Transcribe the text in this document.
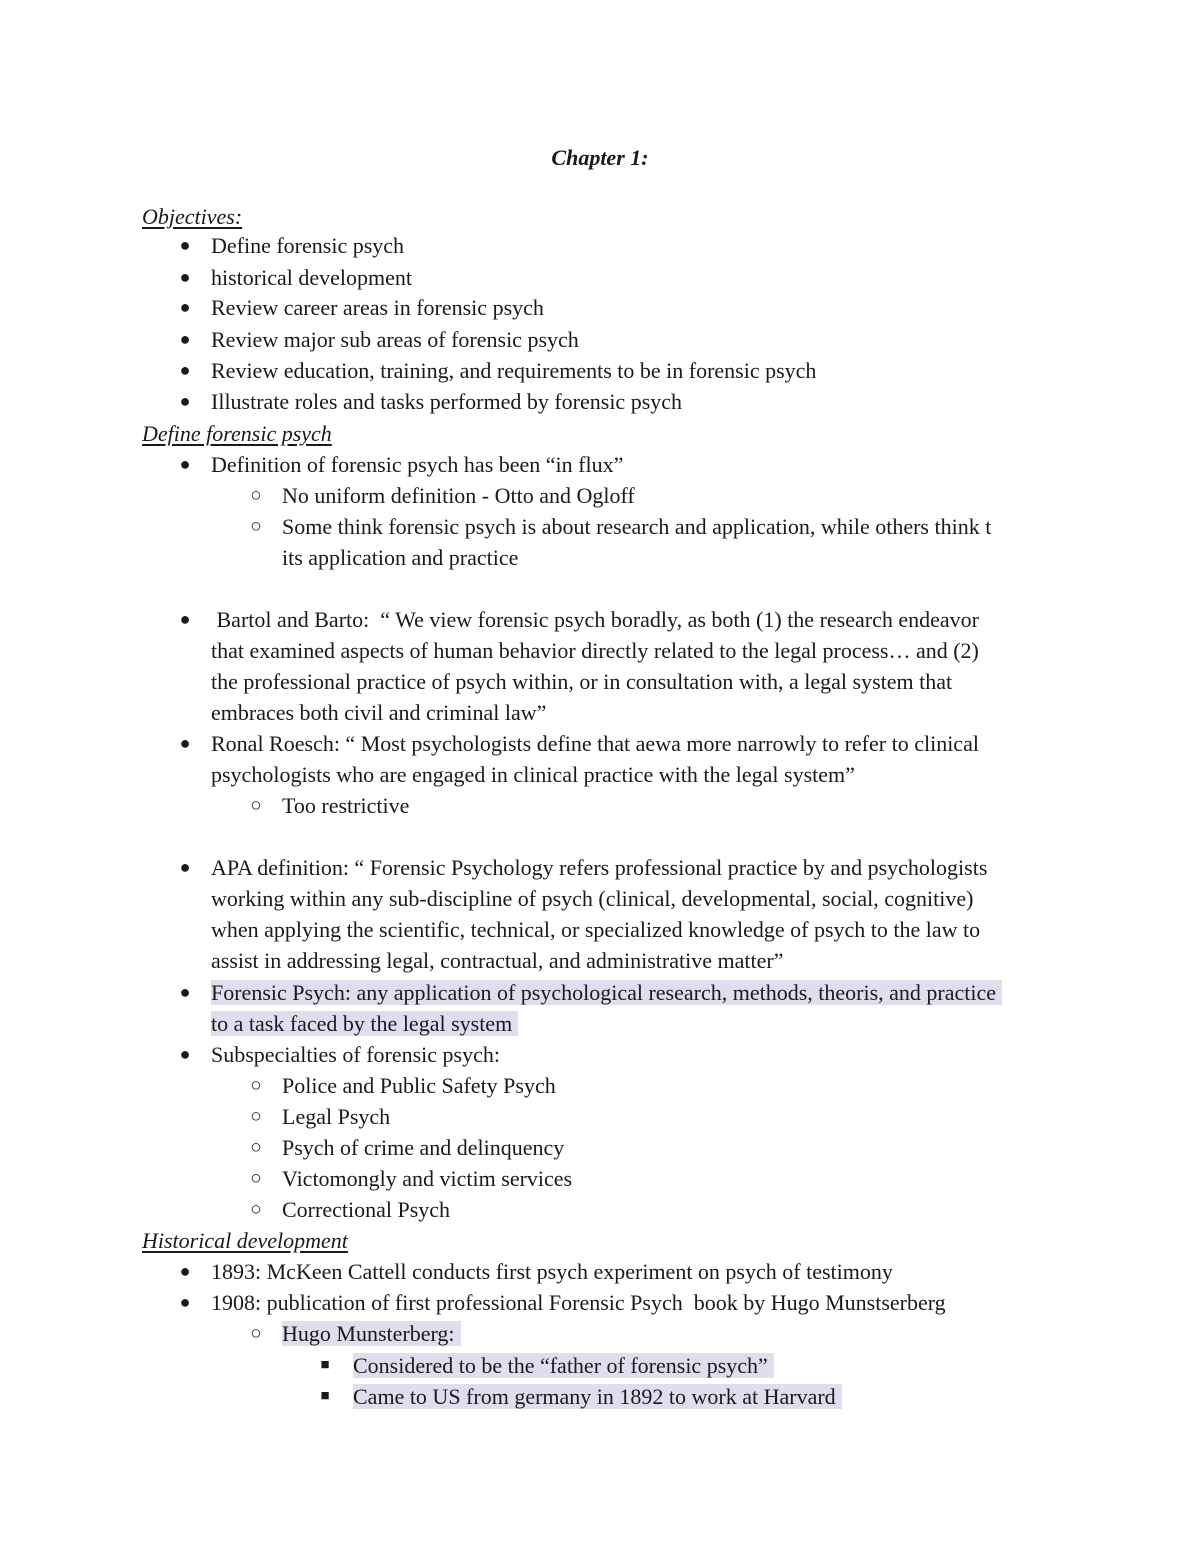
Chapter 1:
Objectives:
● Define forensic psych
● historical development
● Review career areas in forensic psych
● Review major sub areas of forensic psych
● Review education, training, and requirements to be in forensic psych
● Illustrate roles and tasks performed by forensic psych
Define forensic psych
● Definition of forensic psych has been “in flux”
○ No uniform definition - Otto and Ogloff
○ Some think forensic psych is about research and application, while others think t
its application and practice
● Bartol and Barto:  “ We view forensic psych boradly, as both (1) the research endeavor
that examined aspects of human behavior directly related to the legal process… and (2)
the professional practice of psych within, or in consultation with, a legal system that
embraces both civil and criminal law”
● Ronal Roesch: “ Most psychologists define that aewa more narrowly to refer to clinical
psychologists who are engaged in clinical practice with the legal system”
○ Too restrictive
● APA definition: “ Forensic Psychology refers professional practice by and psychologists
working within any sub-discipline of psych (clinical, developmental, social, cognitive)
when applying the scientific, technical, or specialized knowledge of psych to the law to
assist in addressing legal, contractual, and administrative matter”
● Forensic Psych: any application of psychological research, methods, theoris, and practice
to a task faced by the legal system
● Subspecialties of forensic psych:
○ Police and Public Safety Psych
○ Legal Psych
○ Psych of crime and delinquency
○ Victomongly and victim services
○ Correctional Psych
Historical development
● 1893: McKeen Cattell conducts first psych experiment on psych of testimony
● 1908: publication of first professional Forensic Psych  book by Hugo Munstserberg
○ Hugo Munsterberg:
■ Considered to be the “father of forensic psych”
■ Came to US from germany in 1892 to work at Harvard
